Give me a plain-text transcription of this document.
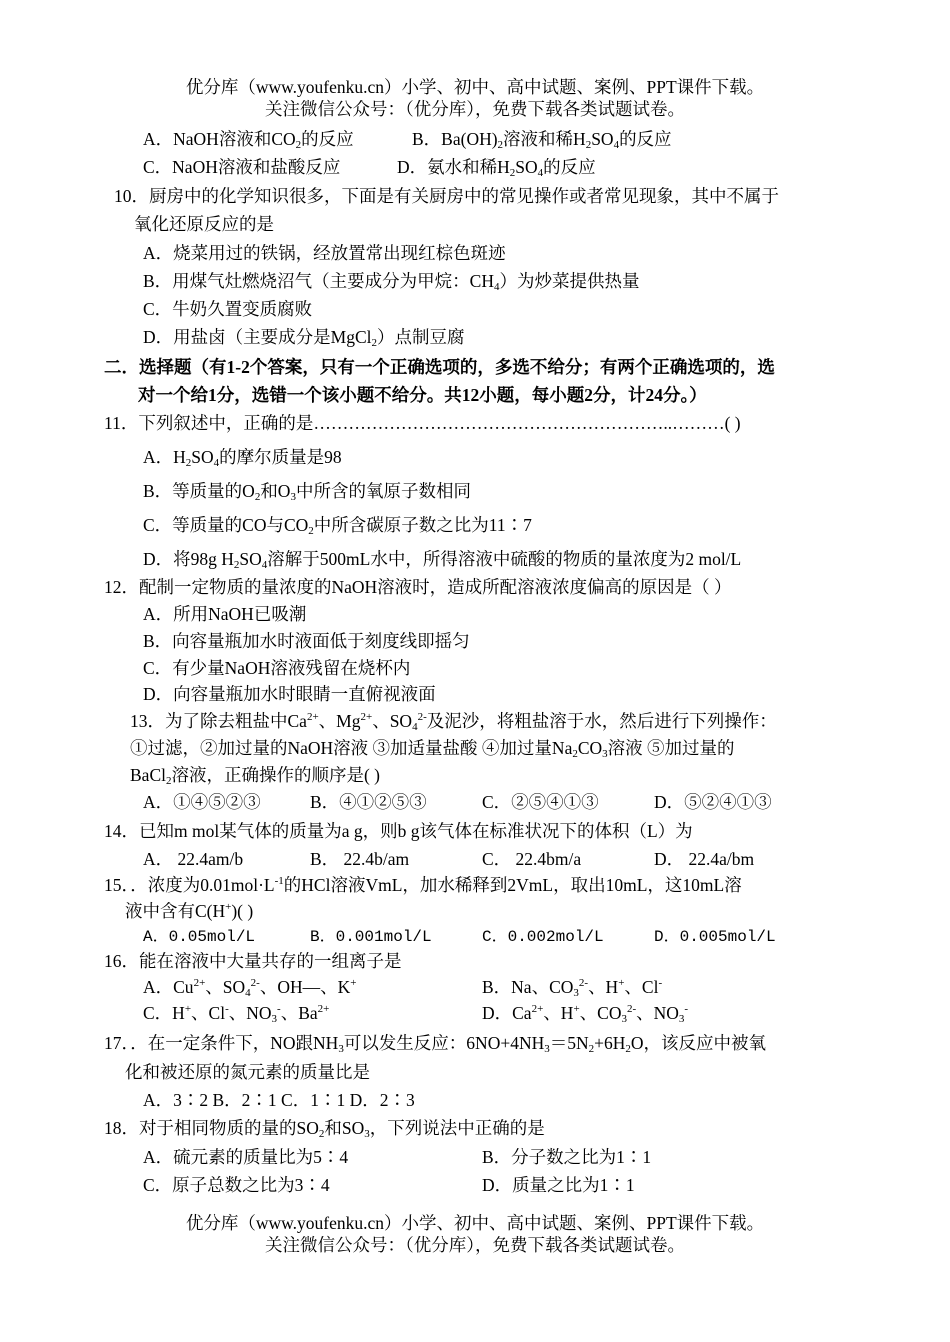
优分库（www.youfenku.cn）小学、初中、高中试题、案例、PPT课件下载。
关注微信公众号：（优分库），免费下载各类试题试卷。
A．NaOH溶液和$CO_2$的反应	B．$Ba(OH)_2$溶液和稀$H_2SO_4$的反应
C．NaOH溶液和盐酸反应	D．氨水和稀$H_2SO_4$的反应
10．厨房中的化学知识很多，下面是有关厨房中的常见操作或者常见现象，其中不属于
氧化还原反应的是
A．烧菜用过的铁锅，经放置常出现红棕色斑迹
B．用煤气灶燃烧沼气（主要成分为甲烷：$CH_4$）为炒菜提供热量
C．牛奶久置变质腐败
D．用盐卤（主要成分是MgCl$_2$）点制豆腐
二．选择题（有1-2个答案，只有一个正确选项的，多选不给分；有两个正确选项的，选
对一个给1分，选错一个该小题不给分。共12小题，每小题2分，计24分。）
11．下列叙述中，正确的是……………………………………………………..………( )
A．$H_2SO_4$的摩尔质量是98
B．等质量的$O_2$和$O_3$中所含的氧原子数相同
C．等质量的CO与$CO_2$中所含碳原子数之比为11∶7
D．将98g $H_2SO_4$溶解于500mL水中，所得溶液中硫酸的物质的量浓度为2 mol/L
12．配制一定物质的量浓度的NaOH溶液时，造成所配溶液浓度偏高的原因是（ ）
A．所用NaOH已吸潮
B．向容量瓶加水时液面低于刻度线即摇匀
C．有少量NaOH溶液残留在烧杯内
D．向容量瓶加水时眼睛一直俯视液面
13．为了除去粗盐中$Ca^{2+}$、$Mg^{2+}$、$SO_4^{2-}$及泥沙，将粗盐溶于水，然后进行下列操作：
①过滤，②加过量的NaOH溶液 ③加适量盐酸 ④加过量$Na_2CO_3$溶液 ⑤加过量的
BaCl$_2$溶液，正确操作的顺序是( )
A．①④⑤②③	B．④①②⑤③	C．②⑤④①③	D．⑤②④①③
14．已知m mol某气体的质量为a g，则b g该气体在标准状况下的体积（L）为
A． 22.4am/b	B． 22.4b/am	C． 22.4bm/a	D． 22.4a/bm
15．．浓度为$0.01mol\cdot L^{-1}$的HCl溶液VmL，加水稀释到2VmL，取出10mL，这10mL溶
液中含有C(H+)( )
A．0.05mol/L	B．0.001mol/L	C．0.002mol/L	D．0.005mol/L
16．能在溶液中大量共存的一组离子是
A．$Cu^{2+}$、$SO_4^{2-}$、OH—、K+	B．Na、$CO_3^{2-}$、H+、Cl-
C．H+、Cl-、$NO_3^-$、$Ba^{2+}$	D．$Ca^{2+}$、H+、$CO_3^{2-}$、$NO_3^-$
17．．在一定条件下，NO跟$NH_3$可以发生反应：$6NO+4NH_3=5N_2+6H_2O$，该反应中被氧
化和被还原的氮元素的质量比是
A．3∶2 B．2∶1 C．1∶1 D．2∶3
18．对于相同物质的量的$SO_2$和$SO_3$，下列说法中正确的是
A．硫元素的质量比为5∶4	B．分子数之比为1∶1
C．原子总数之比为3∶4	D．质量之比为1∶1
优分库（www.youfenku.cn）小学、初中、高中试题、案例、PPT课件下载。
关注微信公众号：（优分库），免费下载各类试题试卷。
